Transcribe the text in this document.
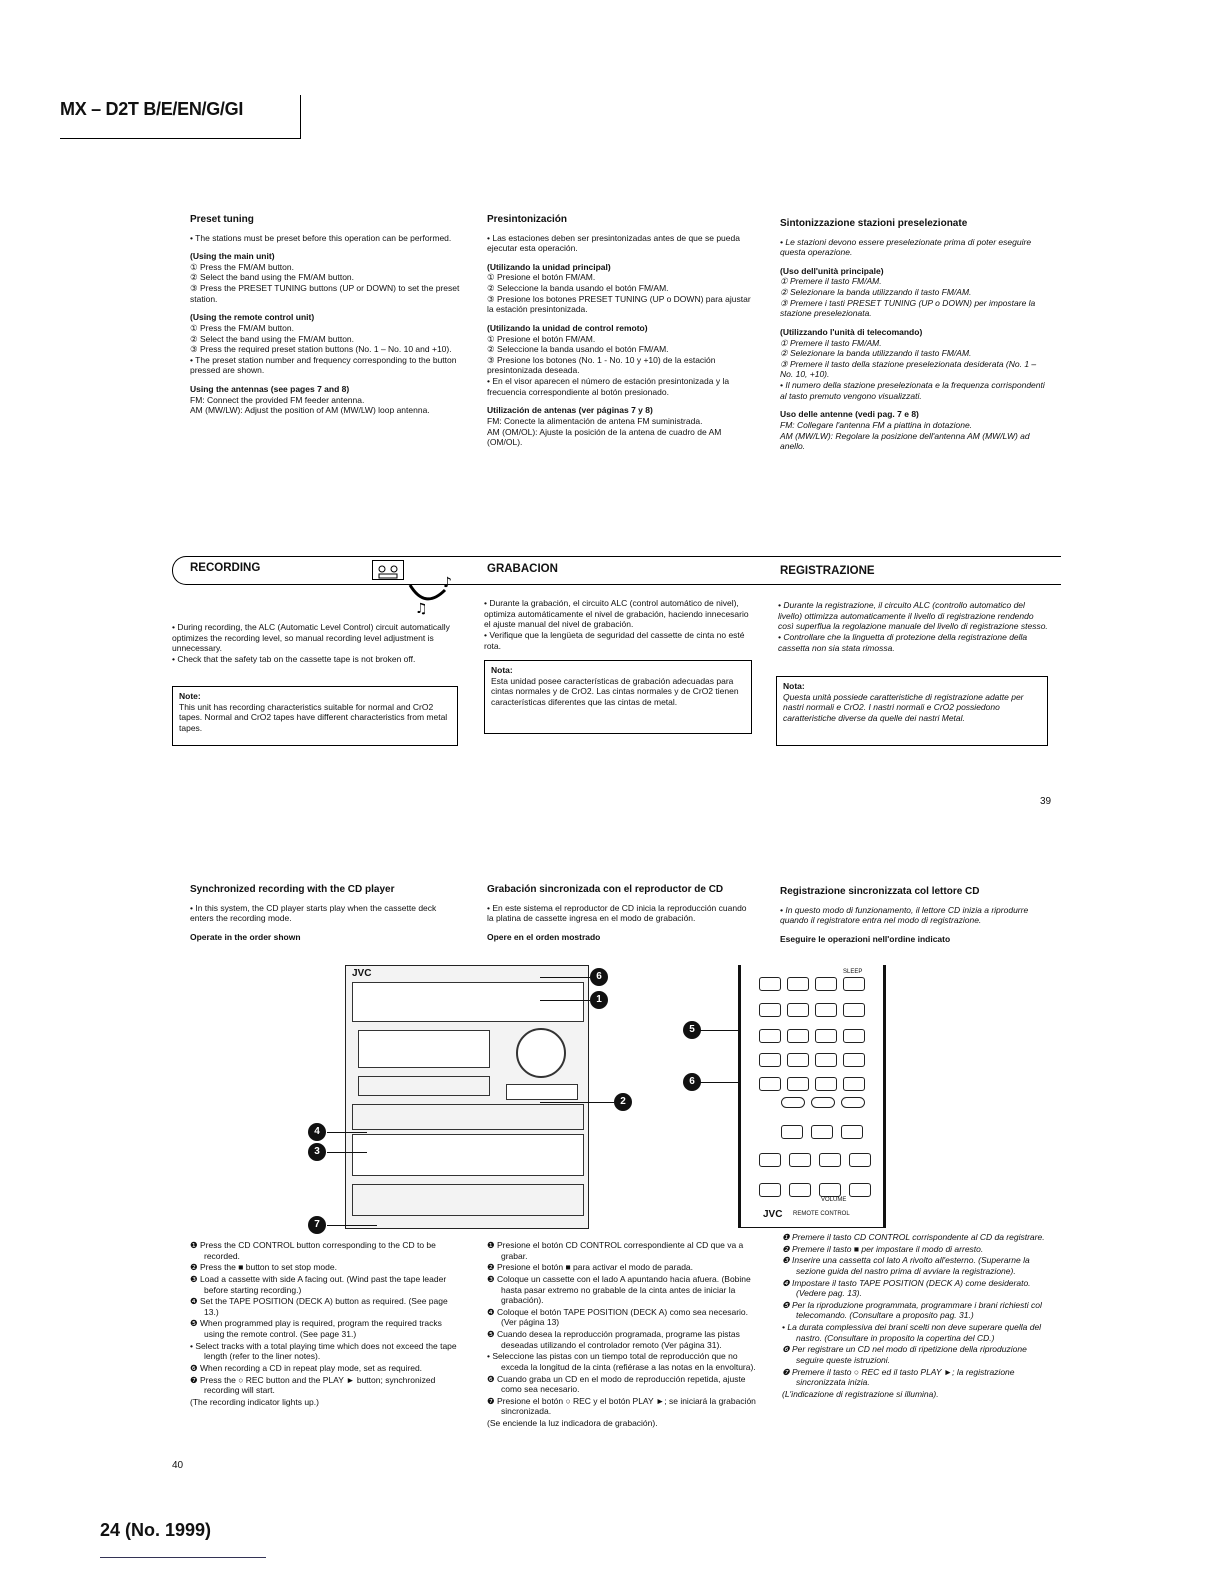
MX – D2T B/E/EN/G/GI
Preset tuning
• The stations must be preset before this operation can be performed.
(Using the main unit)
① Press the FM/AM button.
② Select the band using the FM/AM button.
③ Press the PRESET TUNING buttons (UP or DOWN) to set the preset station.
(Using the remote control unit)
① Press the FM/AM button.
② Select the band using the FM/AM button.
③ Press the required preset station buttons (No. 1 – No. 10 and +10).
• The preset station number and frequency corresponding to the button pressed are shown.
Using the antennas (see pages 7 and 8)
FM: Connect the provided FM feeder antenna.
AM (MW/LW): Adjust the position of AM (MW/LW) loop antenna.
Presintonización
• Las estaciones deben ser presintonizadas antes de que se pueda ejecutar esta operación.
(Utilizando la unidad principal)
① Presione el botón FM/AM.
② Seleccione la banda usando el botón FM/AM.
③ Presione los botones PRESET TUNING (UP o DOWN) para ajustar la estación presintonizada.
(Utilizando la unidad de control remoto)
① Presione el botón FM/AM.
② Seleccione la banda usando el botón FM/AM.
③ Presione los botones (No. 1 - No. 10 y +10) de la estación presintonizada deseada.
• En el visor aparecen el número de estación presintonizada y la frecuencia correspondiente al botón presionado.
Utilización de antenas (ver páginas 7 y 8)
FM: Conecte la alimentación de antena FM suministrada.
AM (OM/OL): Ajuste la posición de la antena de cuadro de AM (OM/OL).
Sintonizzazione stazioni preselezionate
• Le stazioni devono essere preselezionate prima di poter eseguire questa operazione.
(Uso dell'unità principale)
① Premere il tasto FM/AM.
② Selezionare la banda utilizzando il tasto FM/AM.
③ Premere i tasti PRESET TUNING (UP o DOWN) per impostare la stazione preselezionata.
(Utilizzando l'unità di telecomando)
① Premere il tasto FM/AM.
② Selezionare la banda utilizzando il tasto FM/AM.
③ Premere il tasto della stazione preselezionata desiderata (No. 1 – No. 10, +10).
• Il numero della stazione preselezionata e la frequenza corrispondenti al tasto premuto vengono visualizzati.
Uso delle antenne (vedi pag. 7 e 8)
FM: Collegare l'antenna FM a piattina in dotazione.
AM (MW/LW): Regolare la posizione dell'antenna AM (MW/LW) ad anello.
RECORDING
♪
♫
GRABACION	REGISTRAZIONE
• During recording, the ALC (Automatic Level Control) circuit automatically optimizes the recording level, so manual recording level adjustment is unnecessary.
• Check that the safety tab on the cassette tape is not broken off.
Note:
This unit has recording characteristics suitable for normal and CrO2 tapes. Normal and CrO2 tapes have different characteristics from metal tapes.
• Durante la grabación, el circuito ALC (control automático de nivel), optimiza automáticamente el nivel de grabación, haciendo innecesario el ajuste manual del nivel de grabación.
• Verifique que la lengüeta de seguridad del cassette de cinta no esté rota.
Nota:
Esta unidad posee características de grabación adecuadas para cintas normales y de CrO2. Las cintas normales y de CrO2 tienen características diferentes que las cintas de metal.
• Durante la registrazione, il circuito ALC (controllo automatico del livello) ottimizza automaticamente il livello di registrazione rendendo così superflua la regolazione manuale del livello di registrazione stesso.
• Controllare che la linguetta di protezione della registrazione della cassetta non sia stata rimossa.
Nota:
Questa unità possiede caratteristiche di registrazione adatte per nastri normali e CrO2. I nastri normali e CrO2 possiedono caratteristiche diverse da quelle dei nastri Metal.
39
Synchronized recording with the CD player
• In this system, the CD player starts play when the cassette deck enters the recording mode.
Operate in the order shown
Grabación sincronizada con el reproductor de CD
• En este sistema el reproductor de CD inicia la reproducción cuando la platina de cassette ingresa en el modo de grabación.
Opere en el orden mostrado
Registrazione sincronizzata col lettore CD
• In questo modo di funzionamento, il lettore CD inizia a riprodurre quando il registratore entra nel modo di registrazione.
Eseguire le operazioni nell'ordine indicato
JVC	6
1
2
4
3
7
SLEEP
VOLUME
JVC REMOTE CONTROL
5
6
❶ Press the CD CONTROL button corresponding to the CD to be recorded.
❷ Press the ■ button to set stop mode.
❸ Load a cassette with side A facing out. (Wind past the tape leader before starting recording.)
❹ Set the TAPE POSITION (DECK A) button as required. (See page 13.)
❺ When programmed play is required, program the required tracks using the remote control. (See page 31.)
• Select tracks with a total playing time which does not exceed the tape length (refer to the liner notes).
❻ When recording a CD in repeat play mode, set as required.
❼ Press the ○ REC button and the PLAY ► button; synchronized recording will start.
(The recording indicator lights up.)
❶ Presione el botón CD CONTROL correspondiente al CD que va a grabar.
❷ Presione el botón ■ para activar el modo de parada.
❸ Coloque un cassette con el lado A apuntando hacia afuera. (Bobine hasta pasar extremo no grabable de la cinta antes de iniciar la grabación).
❹ Coloque el botón TAPE POSITION (DECK A) como sea necesario. (Ver página 13)
❺ Cuando desea la reproducción programada, programe las pistas deseadas utilizando el controlador remoto (Ver página 31).
• Seleccione las pistas con un tiempo total de reproducción que no exceda la longitud de la cinta (refiérase a las notas en la envoltura).
❻ Cuando graba un CD en el modo de reproducción repetida, ajuste como sea necesario.
❼ Presione el botón ○ REC y el botón PLAY ►; se iniciará la grabación sincronizada.
(Se enciende la luz indicadora de grabación).
❶ Premere il tasto CD CONTROL corrispondente al CD da registrare.
❷ Premere il tasto ■ per impostare il modo di arresto.
❸ Inserire una cassetta col lato A rivolto all'esterno. (Superarne la sezione guida del nastro prima di avviare la registrazione).
❹ Impostare il tasto TAPE POSITION (DECK A) come desiderato. (Vedere pag. 13).
❺ Per la riproduzione programmata, programmare i brani richiesti col telecomando. (Consultare a proposito pag. 31.)
• La durata complessiva dei brani scelti non deve superare quella del nastro. (Consultare in proposito la copertina del CD.)
❻ Per registrare un CD nel modo di ripetizione della riproduzione seguire queste istruzioni.
❼ Premere il tasto ○ REC ed il tasto PLAY ►; la registrazione sincronizzata inizia.
(L'indicazione di registrazione si illumina).
40
24 (No. 1999)
